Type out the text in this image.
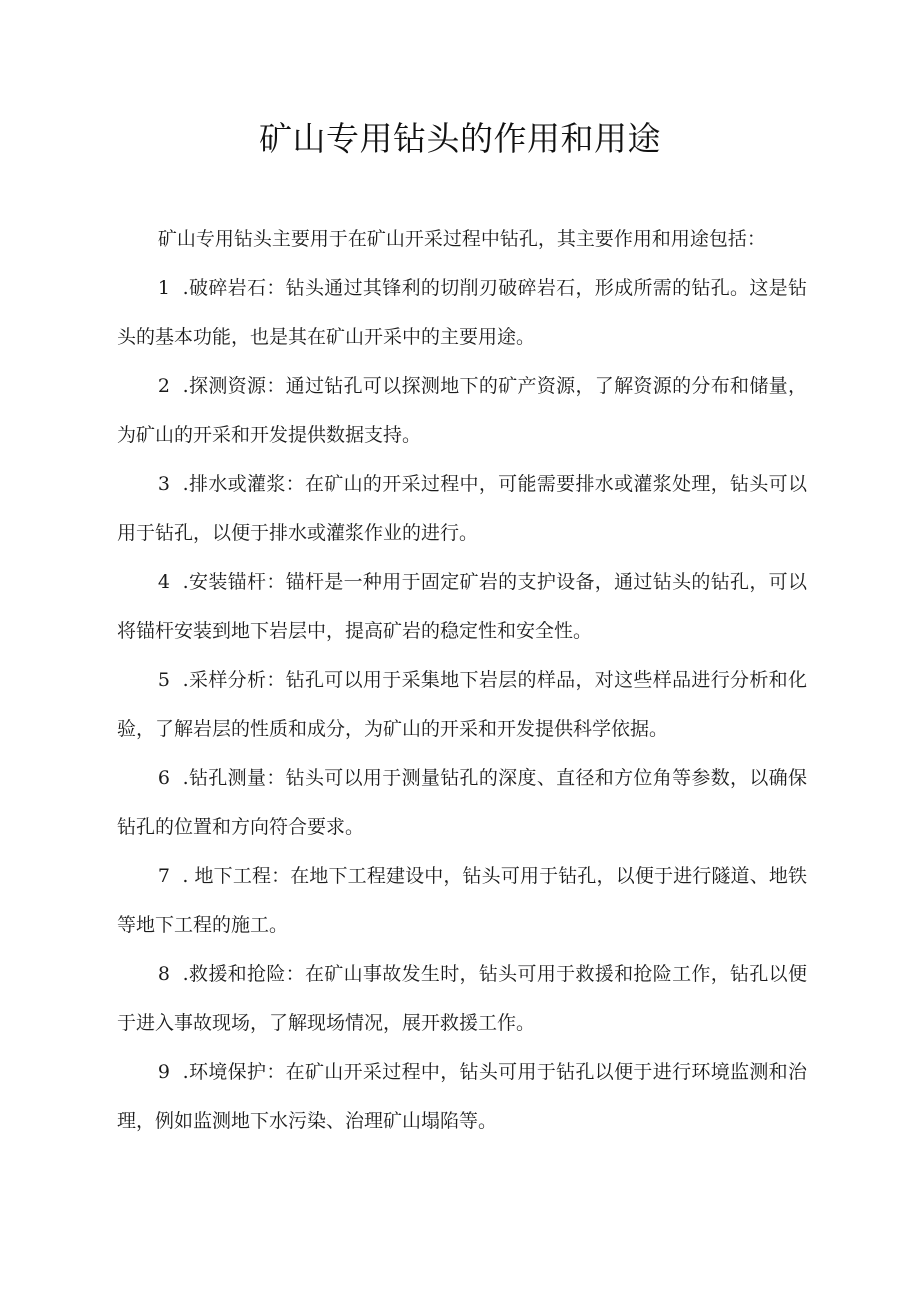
矿山专用钻头的作用和用途

矿山专用钻头主要用于在矿山开采过程中钻孔，其主要作用和用途包括：

1 .破碎岩石：钻头通过其锋利的切削刃破碎岩石，形成所需的钻孔。这是钻头的基本功能，也是其在矿山开采中的主要用途。

2 .探测资源：通过钻孔可以探测地下的矿产资源，了解资源的分布和储量，为矿山的开采和开发提供数据支持。

3 .排水或灌浆：在矿山的开采过程中，可能需要排水或灌浆处理，钻头可以用于钻孔，以便于排水或灌浆作业的进行。

4 .安装锚杆：锚杆是一种用于固定矿岩的支护设备，通过钻头的钻孔，可以将锚杆安装到地下岩层中，提高矿岩的稳定性和安全性。

5 .采样分析：钻孔可以用于采集地下岩层的样品，对这些样品进行分析和化验，了解岩层的性质和成分，为矿山的开采和开发提供科学依据。

6 .钻孔测量：钻头可以用于测量钻孔的深度、直径和方位角等参数，以确保钻孔的位置和方向符合要求。

7 . 地下工程：在地下工程建设中，钻头可用于钻孔，以便于进行隧道、地铁等地下工程的施工。

8 .救援和抢险：在矿山事故发生时，钻头可用于救援和抢险工作，钻孔以便于进入事故现场，了解现场情况，展开救援工作。

9 .环境保护：在矿山开采过程中，钻头可用于钻孔以便于进行环境监测和治理，例如监测地下水污染、治理矿山塌陷等。
